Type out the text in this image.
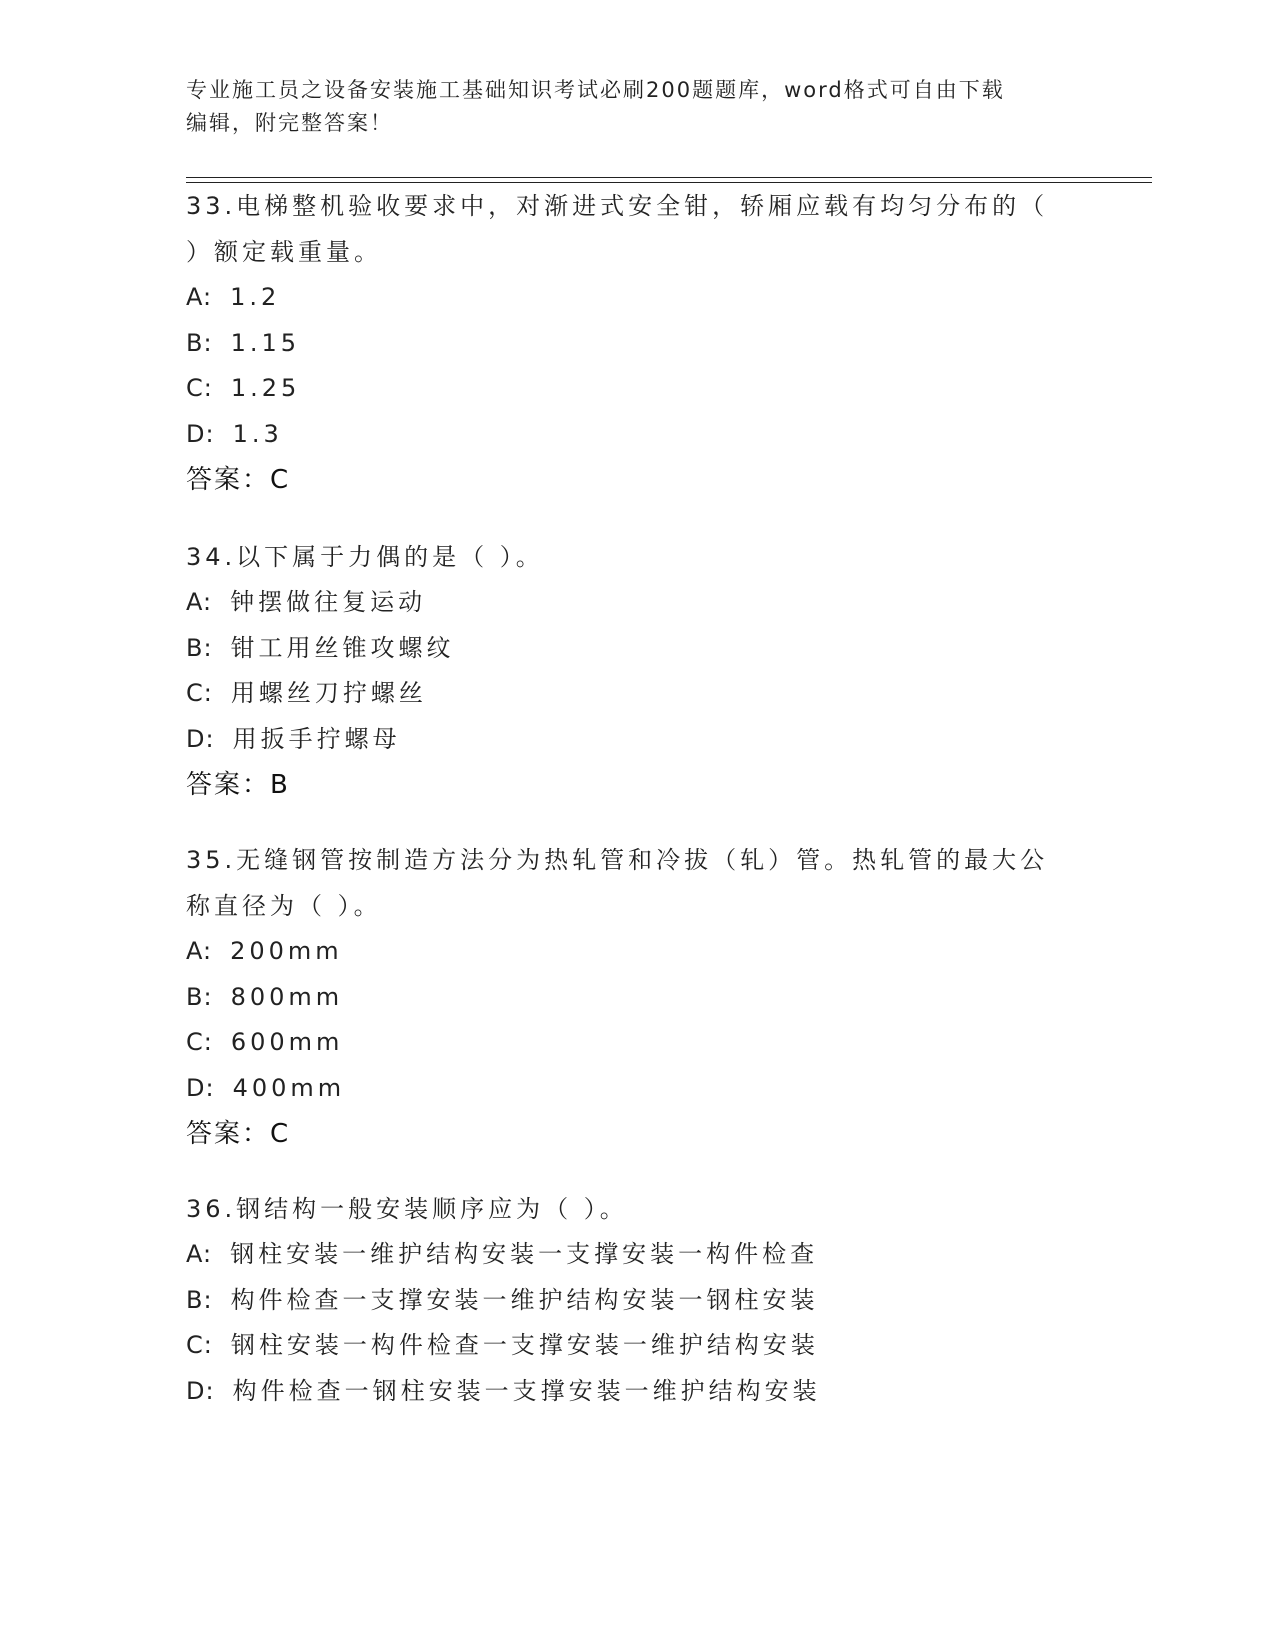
专业施工员之设备安装施工基础知识考试必刷200题题库，word格式可自由下载
编辑，附完整答案！

33.电梯整机验收要求中，对渐进式安全钳，轿厢应载有均匀分布的（

）额定载重量。

A: 1.2

B: 1.15

C: 1.25

D: 1.3

答案：C

34.以下属于力偶的是（ ）。

A: 钟摆做往复运动

B: 钳工用丝锥攻螺纹

C: 用螺丝刀拧螺丝

D: 用扳手拧螺母

答案：B

35.无缝钢管按制造方法分为热轧管和冷拔（轧）管。热轧管的最大公

称直径为（ ）。

A: 200mm

B: 800mm

C: 600mm

D: 400mm

答案：C

36.钢结构一般安装顺序应为（ ）。

A: 钢柱安装一维护结构安装一支撑安装一构件检查

B: 构件检查一支撑安装一维护结构安装一钢柱安装

C: 钢柱安装一构件检查一支撑安装一维护结构安装

D: 构件检查一钢柱安装一支撑安装一维护结构安装
